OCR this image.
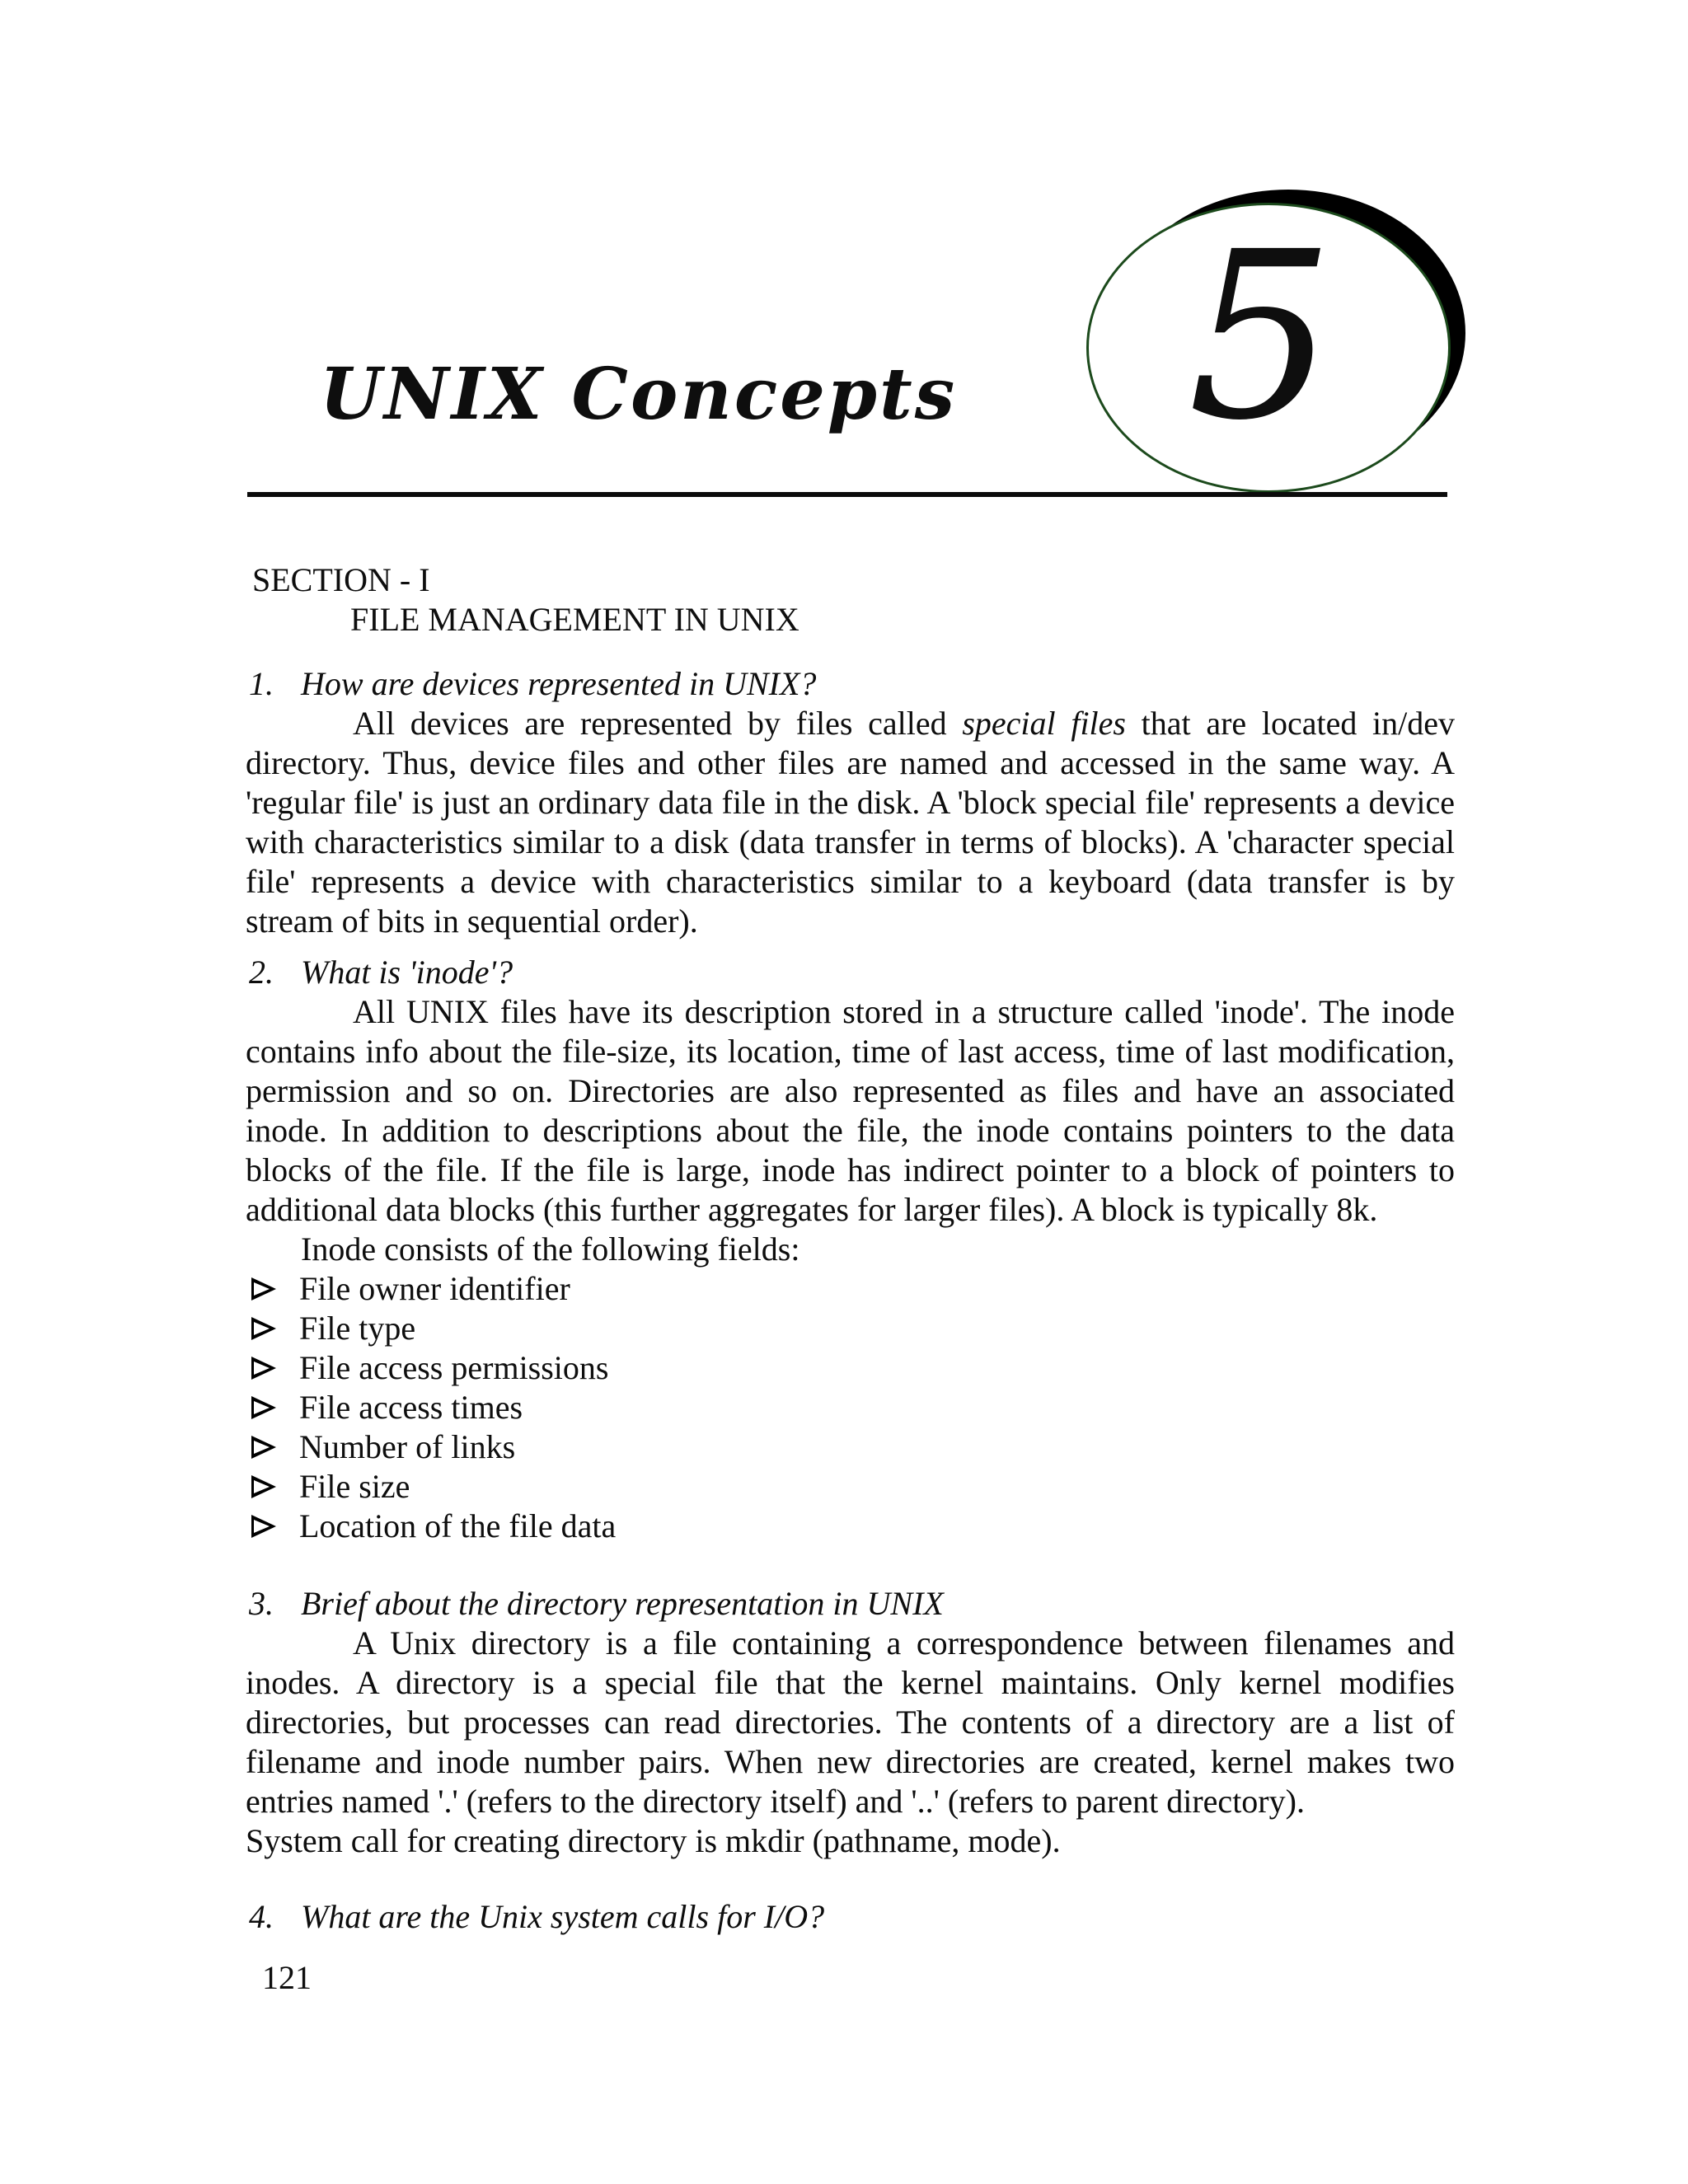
UNIX Concepts 5
SECTION - I
FILE MANAGEMENT IN UNIX
1. How are devices represented in UNIX?

All devices are represented by files called special files that are located in/dev directory. Thus, device files and other files are named and accessed in the same way. A 'regular file' is just an ordinary data file in the disk. A 'block special file' represents a device with characteristics similar to a disk (data transfer in terms of blocks). A 'character special file' represents a device with characteristics similar to a keyboard (data transfer is by stream of bits in sequential order).

2. What is 'inode'?

All UNIX files have its description stored in a structure called 'inode'. The inode contains info about the file-size, its location, time of last access, time of last modification, permission and so on. Directories are also represented as files and have an associated inode. In addition to descriptions about the file, the inode contains pointers to the data blocks of the file. If the file is large, inode has indirect pointer to a block of pointers to additional data blocks (this further aggregates for larger files). A block is typically 8k.

Inode consists of the following fields:
File owner identifier
File type
File access permissions
File access times
Number of links
File size
Location of the file data
3. Brief about the directory representation in UNIX

A Unix directory is a file containing a correspondence between filenames and inodes. A directory is a special file that the kernel maintains. Only kernel modifies directories, but processes can read directories. The contents of a directory are a list of filename and inode number pairs. When new directories are created, kernel makes two entries named '.' (refers to the directory itself) and '..' (refers to parent directory).

System call for creating directory is mkdir (pathname, mode).

4. What are the Unix system calls for I/O?
121
